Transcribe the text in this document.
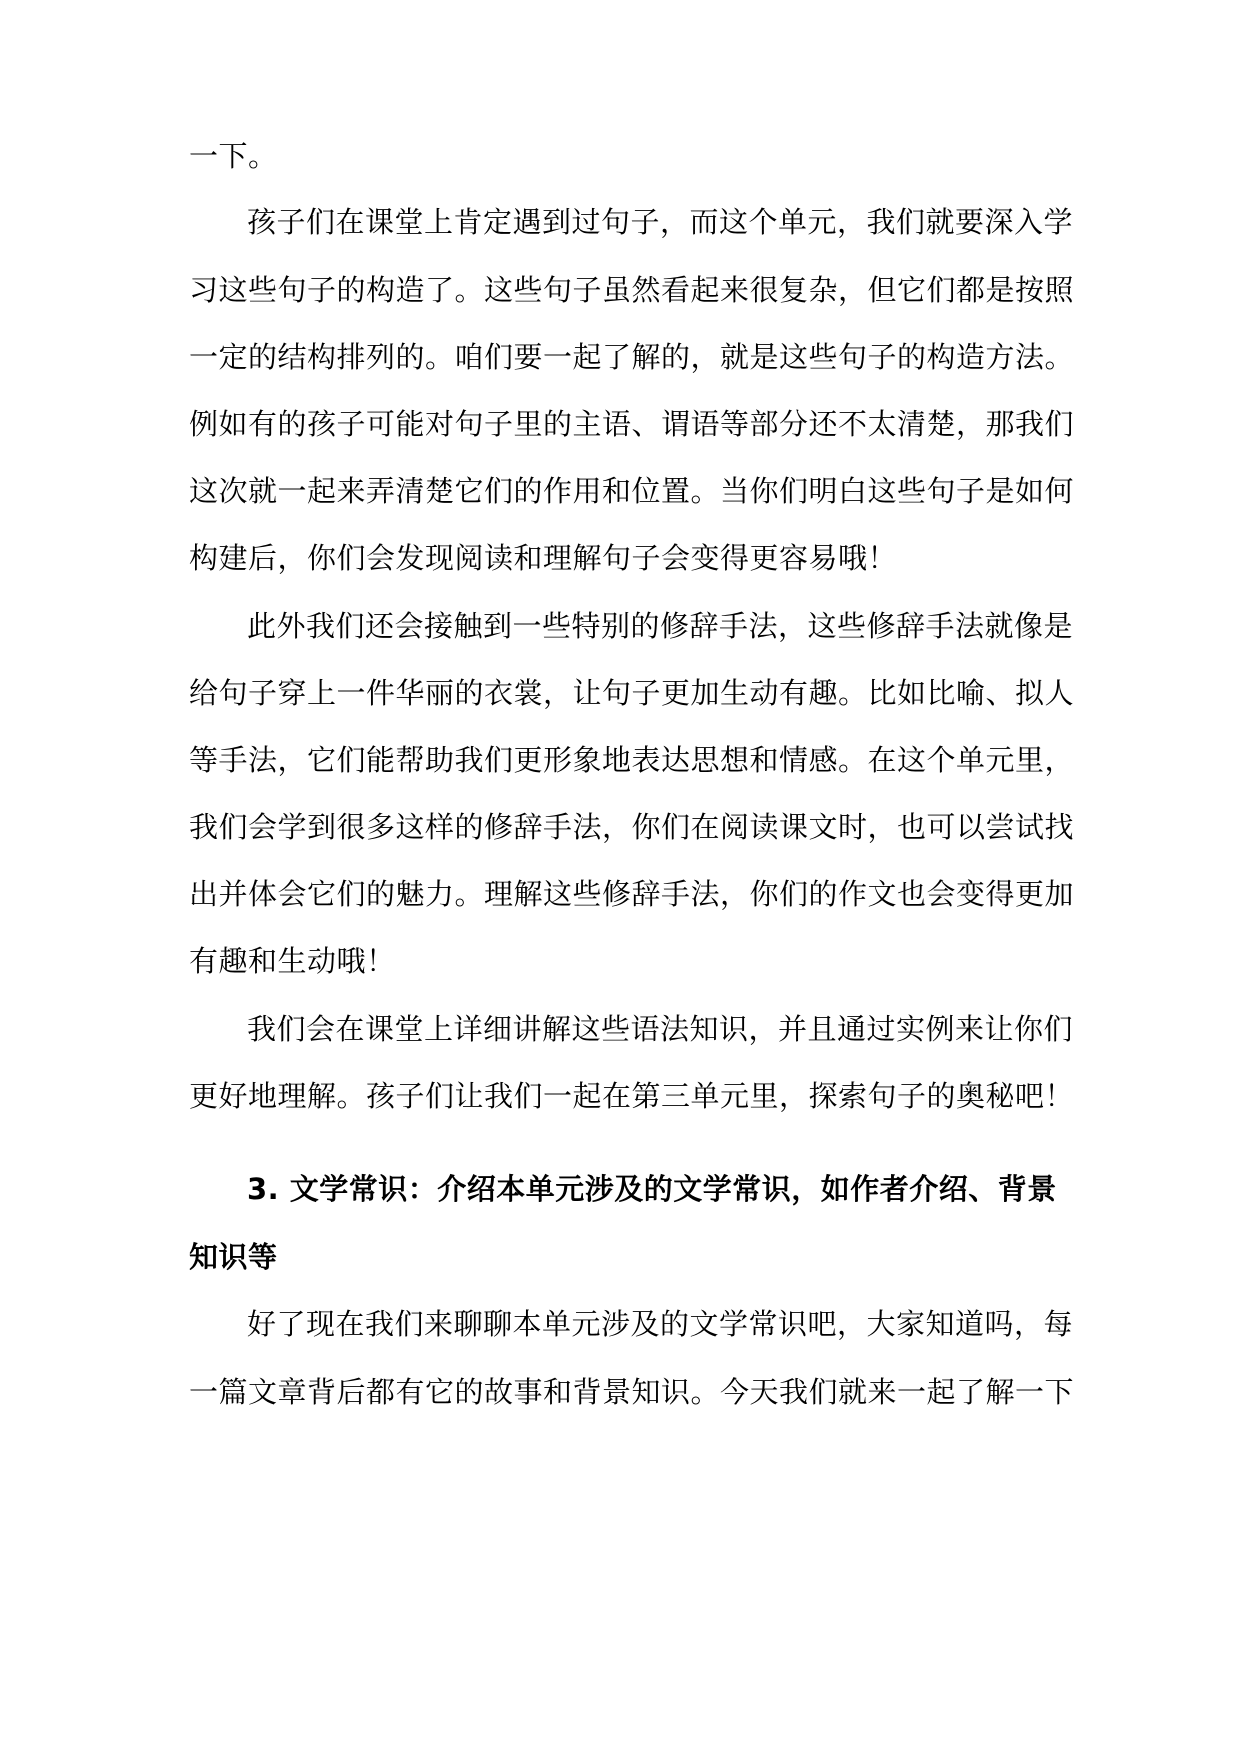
一下。
孩子们在课堂上肯定遇到过句子，而这个单元，我们就要深入学
习这些句子的构造了。这些句子虽然看起来很复杂，但它们都是按照
一定的结构排列的。咱们要一起了解的，就是这些句子的构造方法。
例如有的孩子可能对句子里的主语、谓语等部分还不太清楚，那我们
这次就一起来弄清楚它们的作用和位置。当你们明白这些句子是如何
构建后，你们会发现阅读和理解句子会变得更容易哦！
此外我们还会接触到一些特别的修辞手法，这些修辞手法就像是
给句子穿上一件华丽的衣裳，让句子更加生动有趣。比如比喻、拟人
等手法，它们能帮助我们更形象地表达思想和情感。在这个单元里，
我们会学到很多这样的修辞手法，你们在阅读课文时，也可以尝试找
出并体会它们的魅力。理解这些修辞手法，你们的作文也会变得更加
有趣和生动哦！
我们会在课堂上详细讲解这些语法知识，并且通过实例来让你们
更好地理解。孩子们让我们一起在第三单元里，探索句子的奥秘吧！
3. 文学常识：介绍本单元涉及的文学常识，如作者介绍、背景
知识等
好了现在我们来聊聊本单元涉及的文学常识吧，大家知道吗，每
一篇文章背后都有它的故事和背景知识。今天我们就来一起了解一下
